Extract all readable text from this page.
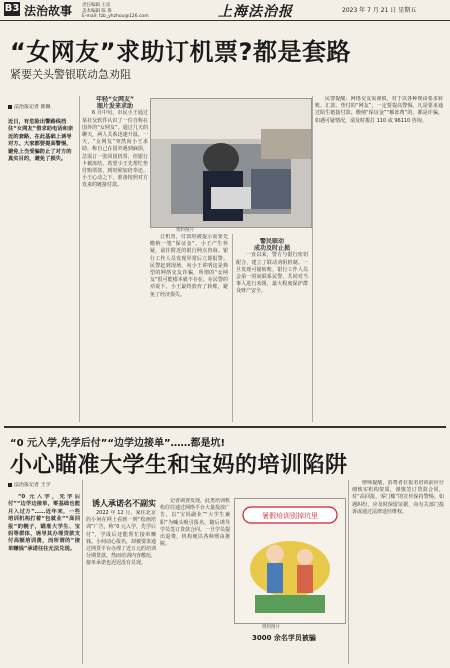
B3 法治故事 责任编辑 王彦
美术编辑 陈 鲁
E-mail: fzb_yhzhou@126.com	上海法治报	2023 年 7 月 21 日 星期五
“女网友”求助订机票?都是套路
紧要关头警银联动急劝阻
法治报记者 陈佩
近日，有危险出警路线挡住“女网友”借求助电话和亲近的套路，在此基础上诱导对方。大家都要提高警惕，避免上当受骗防止了对方的真实目的，避免了损失。

年轻“女网友”

图片发来求助

6 月中旬，市民小王通过某社交软件认识了一位自称在国外的“女网友”。通过几天的聊天，两人关系迅速升温。一天，“女网友”突然向小王求助，称自己在国外遇到麻烦，急需订一张回国机票，但银行卡被冻结，希望小王先帮忙垫付购票款，到时候加倍奉还。小王心动之下，准备按照对方发来的链接付款。

资料图片

订机票，付款时被提示需要先缴纳一笔“保证金”，小王产生怀疑，前往附近的银行网点咨询。银行工作人员发现异常后立即报警。民警赶到现场，向小王讲明这是典型的网络交友诈骗，所谓的“女网友”很可能根本就不存在。在民警的劝说下，小王最终放弃了转账，避免了经济损失。

警民联动

成功及时止损

一直以来，警方与银行密切配合，建立了联动劝阻机制。一旦发现可疑转账，银行工作人员会第一时间联系民警，共同对当事人进行劝阻，最大程度保护群众财产安全。

民警提醒：网络交友需谨慎，对于以各种理由要求转账、汇款、垫付的“网友”，一定要提高警惕。凡是要求通过陌生链接付款、缴纳“保证金”“解冻费”的，都是诈骗。如遇可疑情况，请及时拨打 110 或 96110 咨询。

“0 元入学,先学后付”“边学边接单”……都是坑!
小心瞄准大学生和宝妈的培训陷阱
法治报记者 王宇

“0 元入学，先学后付”“边学边接单，零基础也能月入过万”……近年来，一些培训机构打着“包就业”“高回报”的幌子，瞄准大学生、宝妈等群体，诱导其办理贷款支付高额培训费，而所谓的“接单赚钱”承诺往往无法兑现。

诱人承诺名不副实

2022 年 12 月，家住北京的小何在网上看到一则“绘画培训”广告，称“0 元入学，先学后付”，学成后还能帮忙接单赚钱。小何动心报名，却被要求通过网贷平台办理了近万元的培训分期贷款。然而培训内容敷衍，接单承诺也迟迟没有兑现。

记者调查发现，此类培训机构往往通过网络平台大量投放广告，以“宝妈副业”“大学生兼职”为噱头吸引报名，随后诱导学员签订贷款合同。一旦学员提出退费，机构便以各种理由推脱。

暑假培训别掉坑里
资料图片
3000 余名学员被骗

律师提醒，消费者在报名培训前应仔细核实机构资质，谨慎签订贷款合同，对“高回报、零门槛”的宣传保持警惕。如遇纠纷，应及时保留证据，向有关部门投诉或通过法律途径维权。
